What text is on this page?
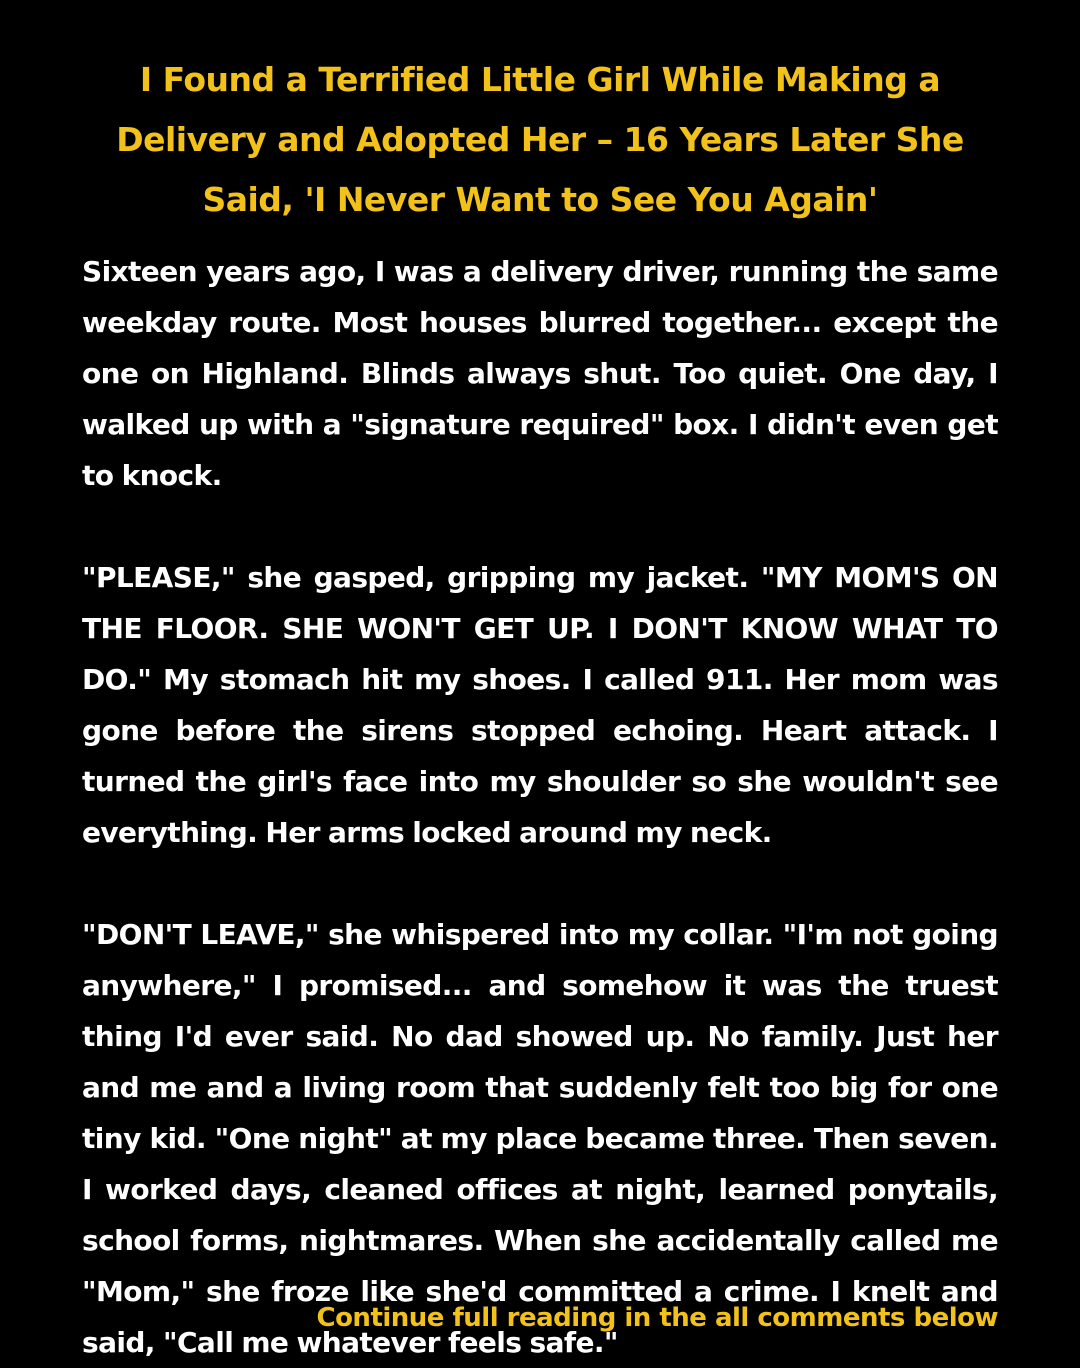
I Found a Terrified Little Girl While Making a Delivery and Adopted Her – 16 Years Later She Said, 'I Never Want to See You Again'

Sixteen years ago, I was a delivery driver, running the same weekday route. Most houses blurred together... except the one on Highland. Blinds always shut. Too quiet. One day, I walked up with a "signature required" box. I didn't even get to knock.

"PLEASE," she gasped, gripping my jacket. "MY MOM'S ON THE FLOOR. SHE WON'T GET UP. I DON'T KNOW WHAT TO DO." My stomach hit my shoes. I called 911. Her mom was gone before the sirens stopped echoing. Heart attack. I turned the girl's face into my shoulder so she wouldn't see everything. Her arms locked around my neck.

"DON'T LEAVE," she whispered into my collar. "I'm not going anywhere," I promised... and somehow it was the truest thing I'd ever said. No dad showed up. No family. Just her and me and a living room that suddenly felt too big for one tiny kid. "One night" at my place became three. Then seven. I worked days, cleaned offices at night, learned ponytails, school forms, nightmares. When she accidentally called me "Mom," she froze like she'd committed a crime. I knelt and said, "Call me whatever feels safe."

Continue full reading in the all comments below
